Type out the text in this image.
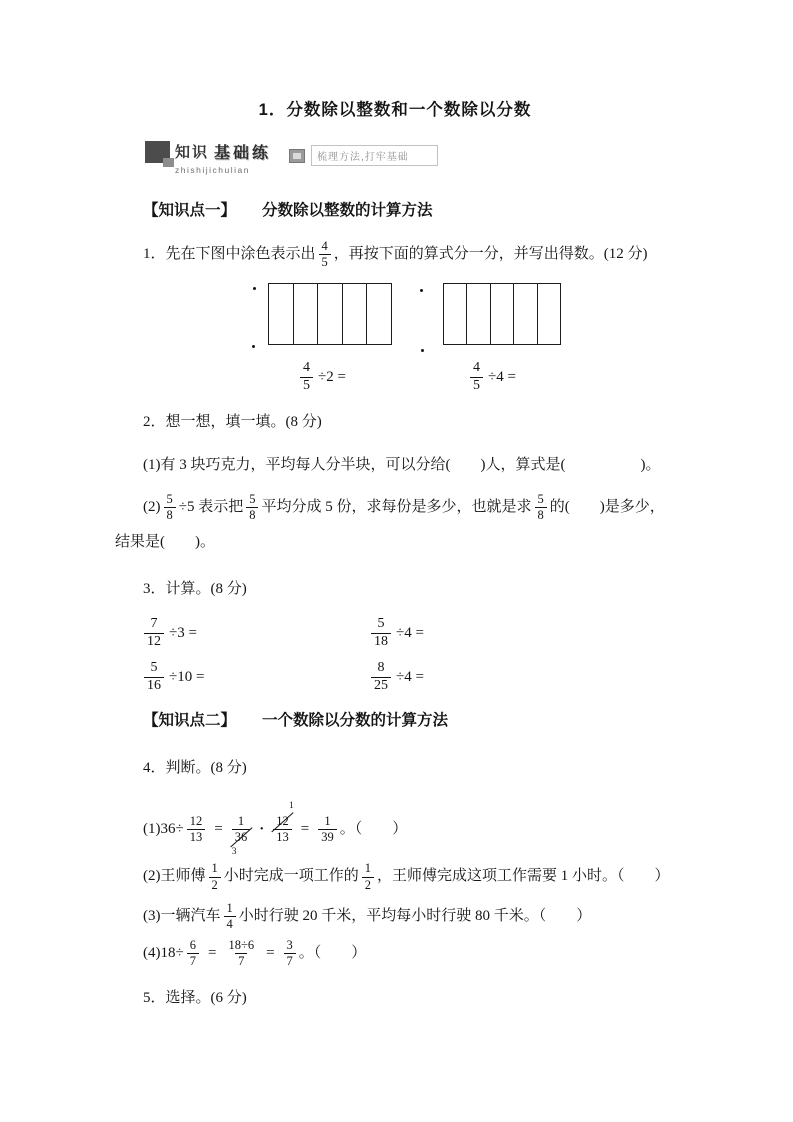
1．分数除以整数和一个数除以分数
知识 基础练
zhishijichulian
梳理方法,打牢基础
【知识点一】 分数除以整数的计算方法

1．先在下图中涂色表示出 $\frac{4}{5}$ ，再按下面的算式分一分，并写出得数。(12 分)

$\frac{4}{5} \div 2$ =	$\frac{4}{5} \div 4$ =

2．想一想，填一填。(8 分)

(1)有 3 块巧克力，平均每人分半块，可以分给(　　)人，算式是(　　　　　)。

$(2) \frac{5}{8} \div 5$ 表示把 $\frac{5}{8}$ 平均分成 5 份，求每份是多少，也就是求 $\frac{5}{8}$ 的(　　)是多少，

结果是(　　)。

3．计算。(8 分)

$\frac{7}{12} \div 3$ =	$\frac{5}{18} \div 4$ =
$\frac{5}{16} \div 10$ =	$\frac{8}{25} \div 4$ =
【知识点二】 一个数除以分数的计算方法

4．判断。(8 分)

$(1)36\div \frac{12}{13}$ =
1
36
3
·
12
13
1
= $\frac{1}{39}$ 。（　　）

(2)王师傅 $\frac{1}{2}$ 小时完成一项工作的 $\frac{1}{2}$ ，王师傅完成这项工作需要 1 小时。（　　）

(3)一辆汽车 $\frac{1}{4}$ 小时行驶 20 千米，平均每小时行驶 80 千米。（　　）

$(4)18\div \frac{6}{7} = \frac{18\div 6}{7} = \frac{3}{7}$ 。（　　）

5．选择。(6 分)
